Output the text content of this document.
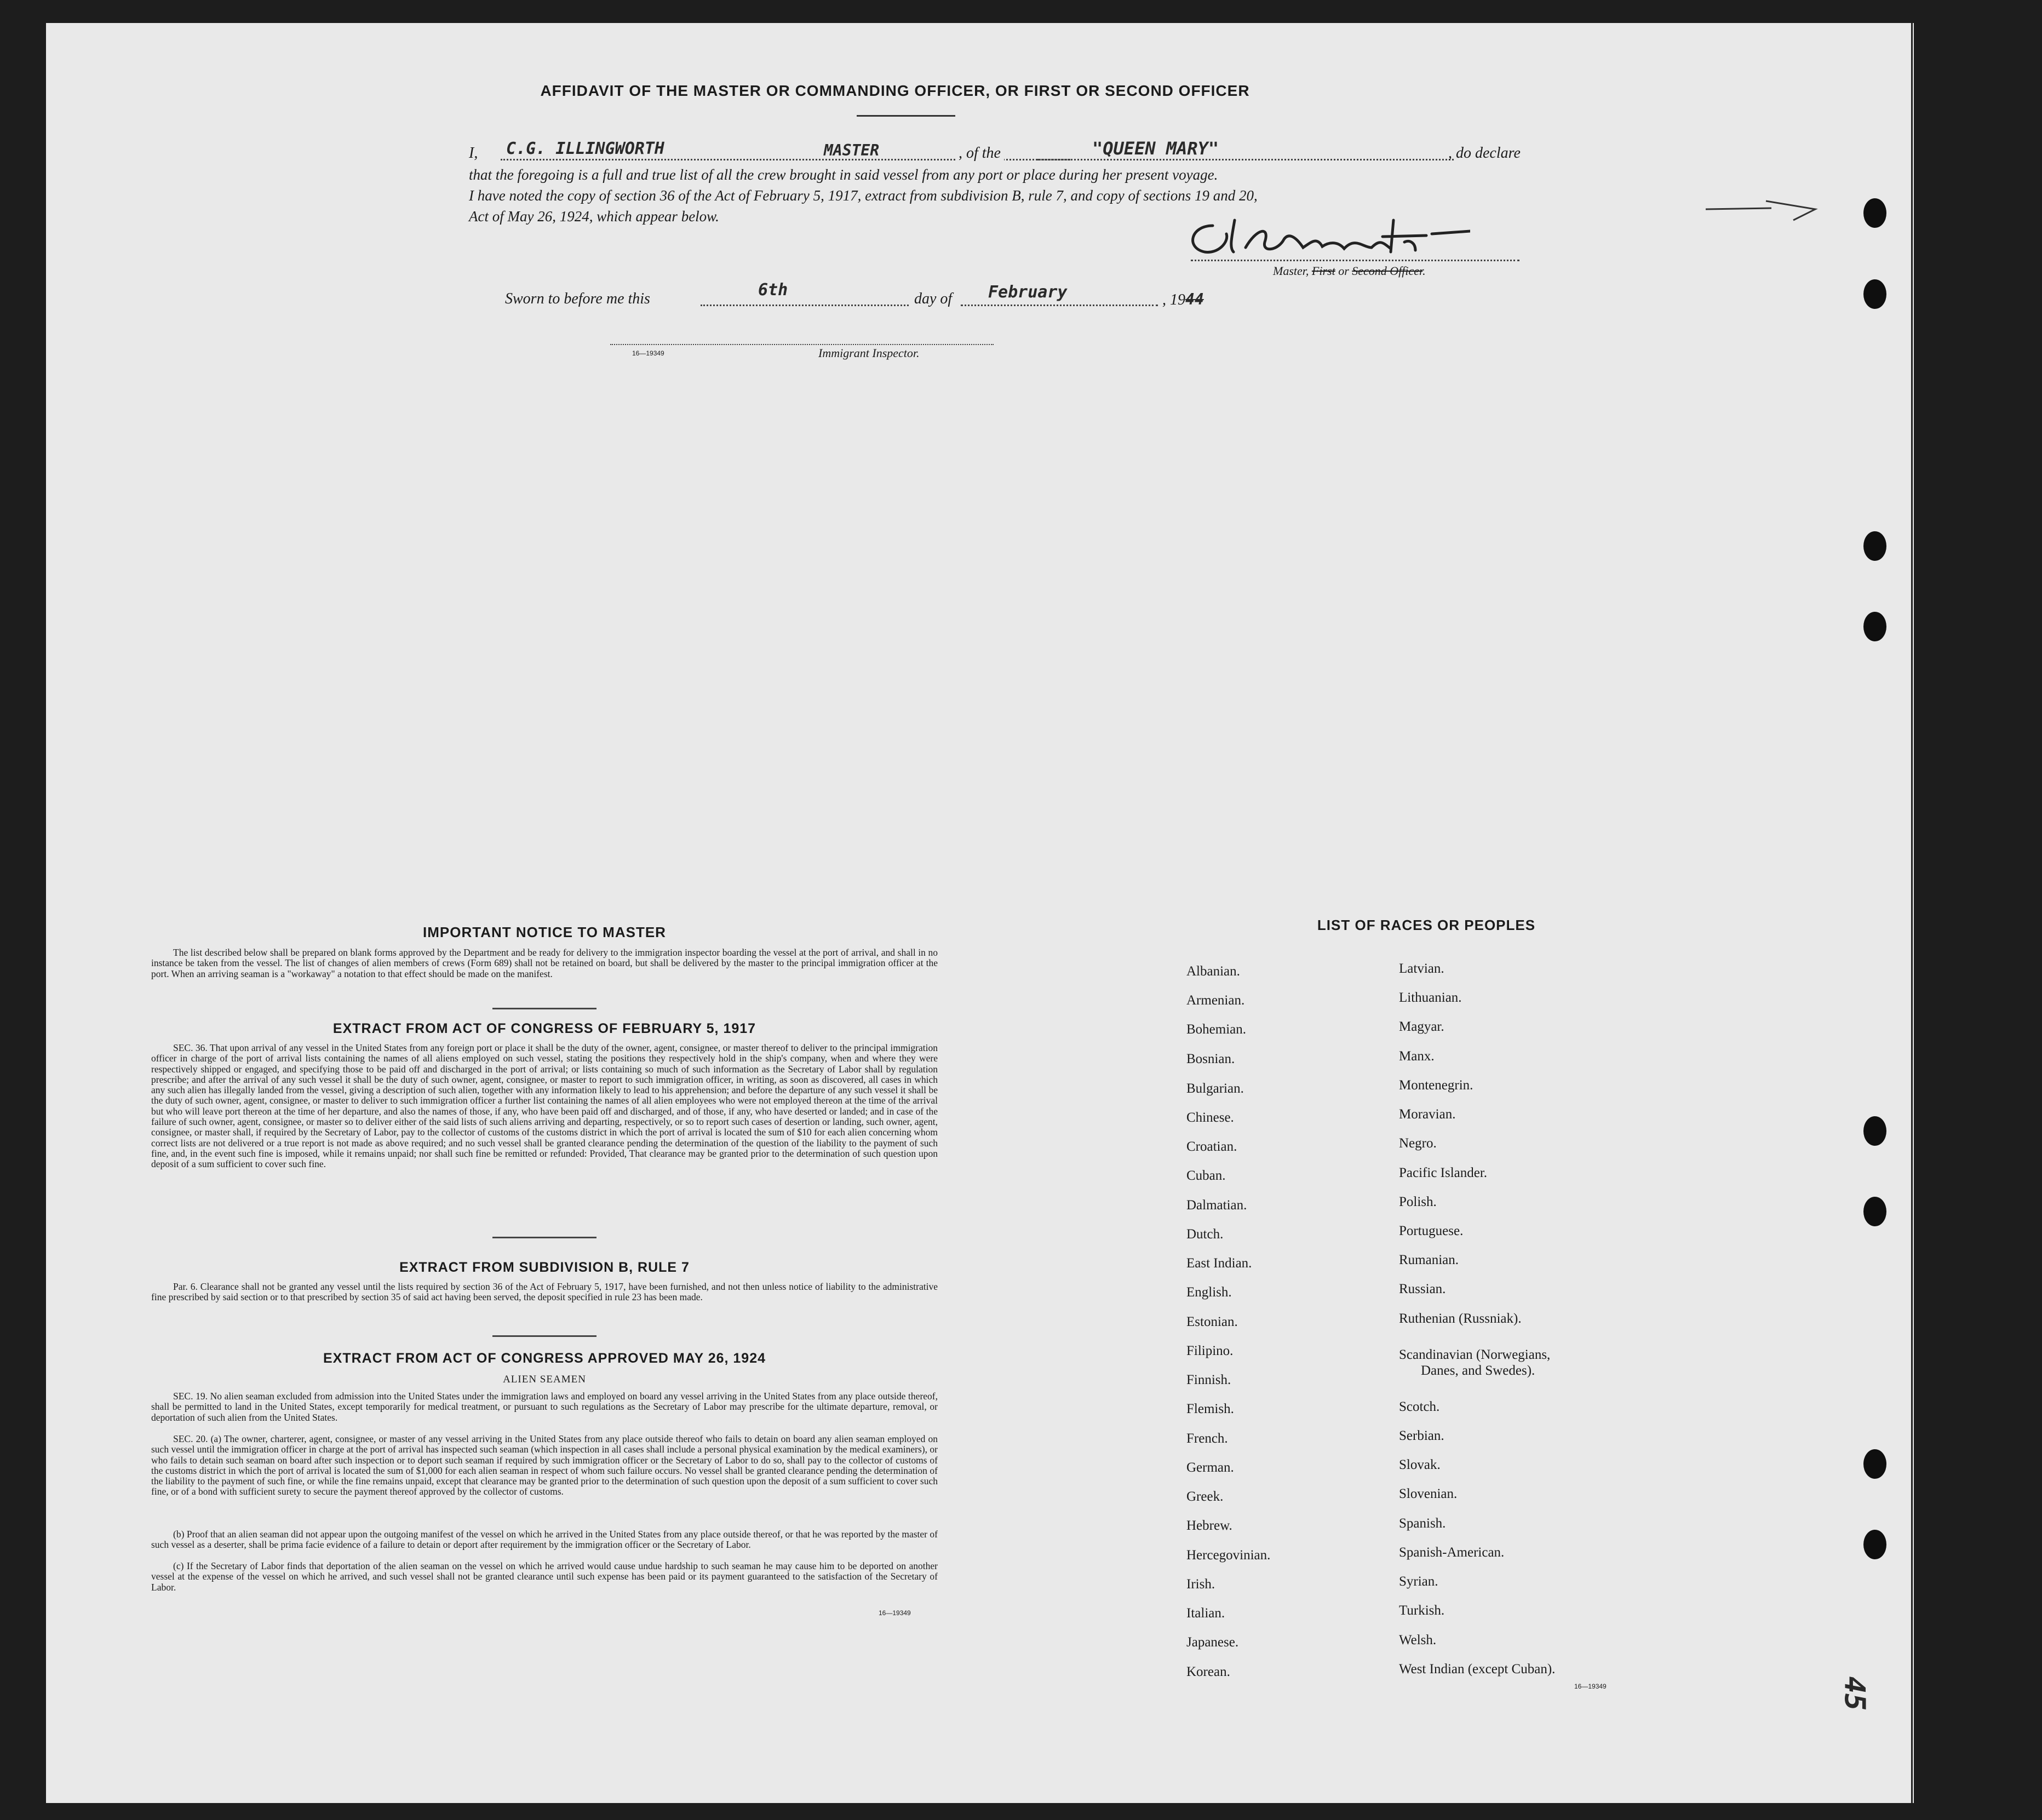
AFFIDAVIT OF THE MASTER OR COMMANDING OFFICER, OR FIRST OR SECOND OFFICER
I,	C.G. ILLINGWORTH	MASTER	, of the	"QUEEN MARY"	, do declare
that the foregoing is a full and true list of all the crew brought in said vessel from any port or place during her present voyage.
I have noted the copy of section 36 of the Act of February 5, 1917, extract from subdivision B, rule 7, and copy of sections 19 and 20,
Act of May 26, 1924, which appear below.
Master, First or Second Officer.
Sworn to before me this	6th	day of February	, 1944
16—19349	Immigrant Inspector.
IMPORTANT NOTICE TO MASTER
The list described below shall be prepared on blank forms approved by the Department and be ready for delivery to the immigration inspector boarding the vessel at the port of arrival, and shall in no instance be taken from the vessel. The list of changes of alien members of crews (Form 689) shall not be retained on board, but shall be delivered by the master to the principal immigration officer at the port. When an arriving seaman is a "workaway" a notation to that effect should be made on the manifest.
EXTRACT FROM ACT OF CONGRESS OF FEBRUARY 5, 1917
SEC. 36. That upon arrival of any vessel in the United States from any foreign port or place it shall be the duty of the owner, agent, consignee, or master thereof to deliver to the principal immigration officer in charge of the port of arrival lists containing the names of all aliens employed on such vessel, stating the positions they respectively hold in the ship's company, when and where they were respectively shipped or engaged, and specifying those to be paid off and discharged in the port of arrival; or lists containing so much of such information as the Secretary of Labor shall by regulation prescribe; and after the arrival of any such vessel it shall be the duty of such owner, agent, consignee, or master to report to such immigration officer, in writing, as soon as discovered, all cases in which any such alien has illegally landed from the vessel, giving a description of such alien, together with any information likely to lead to his apprehension; and before the departure of any such vessel it shall be the duty of such owner, agent, consignee, or master to deliver to such immigration officer a further list containing the names of all alien employees who were not employed thereon at the time of the arrival but who will leave port thereon at the time of her departure, and also the names of those, if any, who have been paid off and discharged, and of those, if any, who have deserted or landed; and in case of the failure of such owner, agent, consignee, or master so to deliver either of the said lists of such aliens arriving and departing, respectively, or so to report such cases of desertion or landing, such owner, agent, consignee, or master shall, if required by the Secretary of Labor, pay to the collector of customs of the customs district in which the port of arrival is located the sum of $10 for each alien concerning whom correct lists are not delivered or a true report is not made as above required; and no such vessel shall be granted clearance pending the determination of the question of the liability to the payment of such fine, and, in the event such fine is imposed, while it remains unpaid; nor shall such fine be remitted or refunded: Provided, That clearance may be granted prior to the determination of such question upon deposit of a sum sufficient to cover such fine.
EXTRACT FROM SUBDIVISION B, RULE 7
Par. 6. Clearance shall not be granted any vessel until the lists required by section 36 of the Act of February 5, 1917, have been furnished, and not then unless notice of liability to the administrative fine prescribed by said section or to that prescribed by section 35 of said act having been served, the deposit specified in rule 23 has been made.
EXTRACT FROM ACT OF CONGRESS APPROVED MAY 26, 1924
ALIEN SEAMEN
SEC. 19. No alien seaman excluded from admission into the United States under the immigration laws and employed on board any vessel arriving in the United States from any place outside thereof, shall be permitted to land in the United States, except temporarily for medical treatment, or pursuant to such regulations as the Secretary of Labor may prescribe for the ultimate departure, removal, or deportation of such alien from the United States.
SEC. 20. (a) The owner, charterer, agent, consignee, or master of any vessel arriving in the United States from any place outside thereof who fails to detain on board any alien seaman employed on such vessel until the immigration officer in charge at the port of arrival has inspected such seaman (which inspection in all cases shall include a personal physical examination by the medical examiners), or who fails to detain such seaman on board after such inspection or to deport such seaman if required by such immigration officer or the Secretary of Labor to do so, shall pay to the collector of customs of the customs district in which the port of arrival is located the sum of $1,000 for each alien seaman in respect of whom such failure occurs. No vessel shall be granted clearance pending the determination of the liability to the payment of such fine, or while the fine remains unpaid, except that clearance may be granted prior to the determination of such question upon the deposit of a sum sufficient to cover such fine, or of a bond with sufficient surety to secure the payment thereof approved by the collector of customs.
(b) Proof that an alien seaman did not appear upon the outgoing manifest of the vessel on which he arrived in the United States from any place outside thereof, or that he was reported by the master of such vessel as a deserter, shall be prima facie evidence of a failure to detain or deport after requirement by the immigration officer or the Secretary of Labor.
(c) If the Secretary of Labor finds that deportation of the alien seaman on the vessel on which he arrived would cause undue hardship to such seaman he may cause him to be deported on another vessel at the expense of the vessel on which he arrived, and such vessel shall not be granted clearance until such expense has been paid or its payment guaranteed to the satisfaction of the Secretary of Labor.
16—19349
LIST OF RACES OR PEOPLES
Albanian.
Armenian.
Bohemian.
Bosnian.
Bulgarian.
Chinese.
Croatian.
Cuban.
Dalmatian.
Dutch.
East Indian.
English.
Estonian.
Filipino.
Finnish.
Flemish.
French.
German.
Greek.
Hebrew.
Hercegovinian.
Irish.
Italian.
Japanese.
Korean.
Latvian.
Lithuanian.
Magyar.
Manx.
Montenegrin.
Moravian.
Negro.
Pacific Islander.
Polish.
Portuguese.
Rumanian.
Russian.
Ruthenian (Russniak).
Scandinavian (Norwegians,
Danes, and Swedes).
Scotch.
Serbian.
Slovak.
Slovenian.
Spanish.
Spanish-American.
Syrian.
Turkish.
Welsh.
West Indian (except Cuban).
16—19349	45
